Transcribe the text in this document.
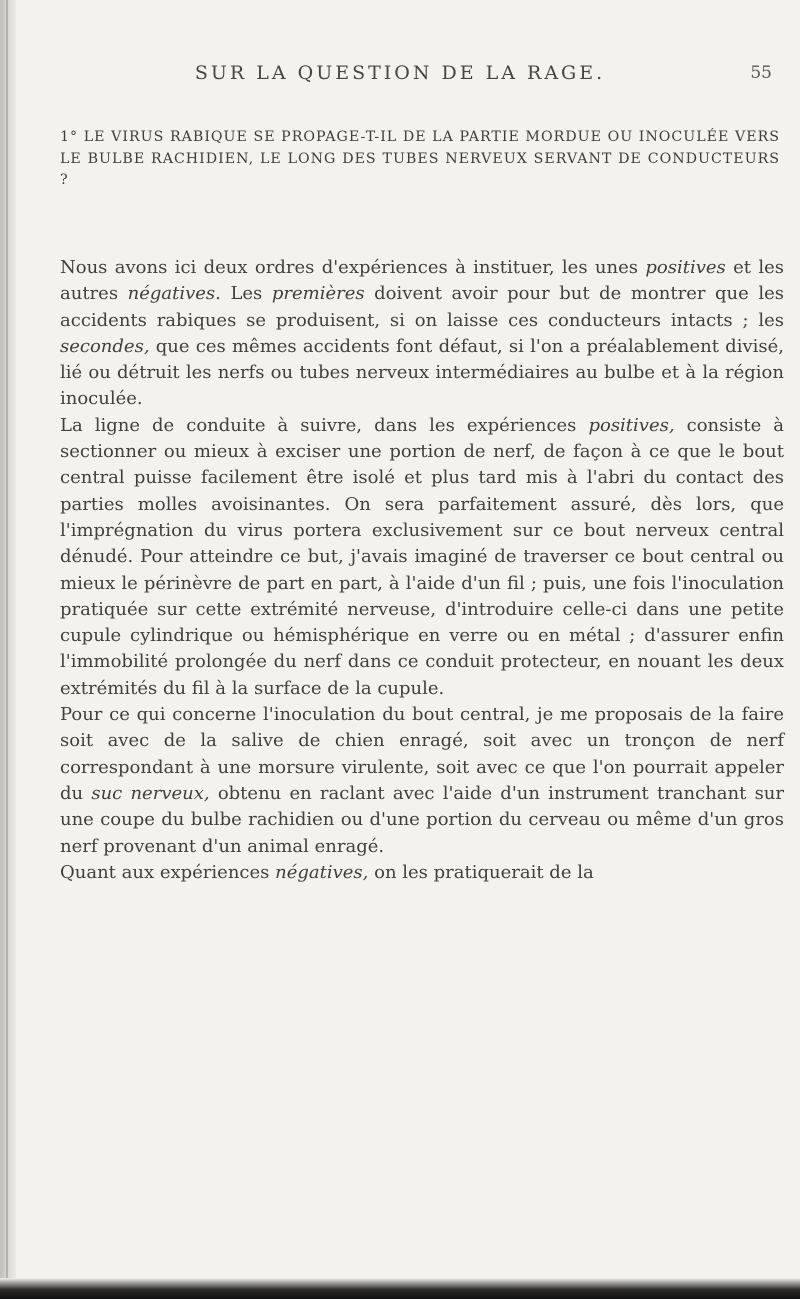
SUR LA QUESTION DE LA RAGE.	55
1° LE VIRUS RABIQUE SE PROPAGE-T-IL DE LA PARTIE MORDUE OU INOCULÉE VERS LE BULBE RACHIDIEN, LE LONG DES TUBES NERVEUX SERVANT DE CONDUCTEURS ?

Nous avons ici deux ordres d'expériences à instituer, les unes positives et les autres négatives. Les premières doivent avoir pour but de montrer que les accidents rabiques se produisent, si on laisse ces conducteurs intacts ; les secondes, que ces mêmes accidents font défaut, si l'on a préalablement divisé, lié ou détruit les nerfs ou tubes nerveux intermédiaires au bulbe et à la région inoculée.

La ligne de conduite à suivre, dans les expériences positives, consiste à sectionner ou mieux à exciser une portion de nerf, de façon à ce que le bout central puisse facilement être isolé et plus tard mis à l'abri du contact des parties molles avoisinantes. On sera parfaitement assuré, dès lors, que l'imprégnation du virus portera exclusivement sur ce bout nerveux central dénudé. Pour atteindre ce but, j'avais imaginé de traverser ce bout central ou mieux le périnèvre de part en part, à l'aide d'un fil ; puis, une fois l'inoculation pratiquée sur cette extrémité nerveuse, d'introduire celle-ci dans une petite cupule cylindrique ou hémisphérique en verre ou en métal ; d'assurer enfin l'immobilité prolongée du nerf dans ce conduit protecteur, en nouant les deux extrémités du fil à la surface de la cupule.

Pour ce qui concerne l'inoculation du bout central, je me proposais de la faire soit avec de la salive de chien enragé, soit avec un tronçon de nerf correspondant à une morsure virulente, soit avec ce que l'on pourrait appeler du suc nerveux, obtenu en raclant avec l'aide d'un instrument tranchant sur une coupe du bulbe rachidien ou d'une portion du cerveau ou même d'un gros nerf provenant d'un animal enragé.

Quant aux expériences négatives, on les pratiquerait de la
